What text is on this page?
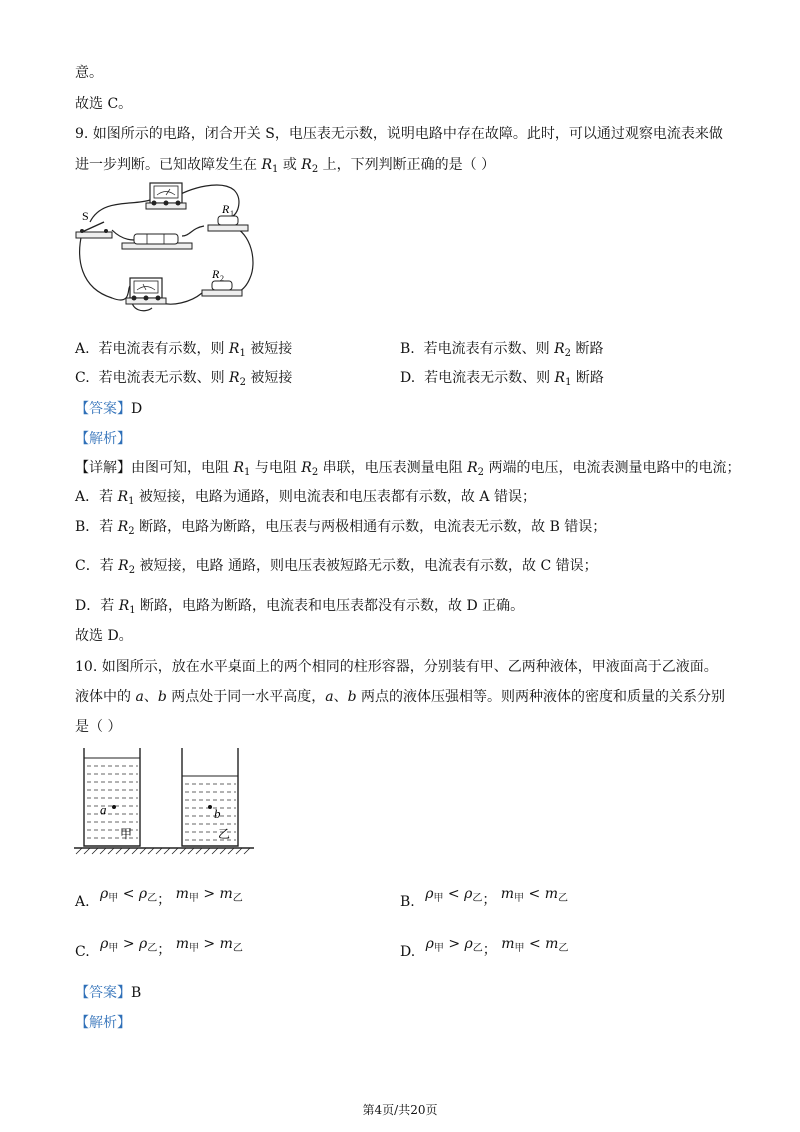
意。
故选 C。
9. 如图所示的电路，闭合开关 S，电压表无示数，说明电路中存在故障。此时，可以通过观察电流表来做
进一步判断。已知故障发生在 $R_1$ 或 $R_2$ 上，下列判断正确的是（ ）
S	R 1
R 2
A. 若电流表有示数，则 $R_1$ 被短接	B. 若电流表有示数、则 $R_2$ 断路
C. 若电流表无示数、则 $R_2$ 被短接	D. 若电流表无示数、则 $R_1$ 断路
【答案】D
【解析】
【详解】由图可知，电阻 $R_1$ 与电阻 $R_2$ 串联，电压表测量电阻 $R_2$ 两端的电压，电流表测量电路中的电流；
A．若 $R_1$ 被短接，电路为通路，则电流表和电压表都有示数，故 A 错误；
B．若 $R_2$ 断路，电路为断路，电压表与两极相通有示数，电流表无示数，故 B 错误；
C．若 $R_2$ 被短接，电路 通路，则电压表被短路无示数，电流表有示数，故 C 错误；
D．若 $R_1$ 断路，电路为断路，电流表和电压表都没有示数，故 D 正确。
故选 D。
10. 如图所示，放在水平桌面上的两个相同的柱形容器，分别装有甲、乙两种液体，甲液面高于乙液面。
液体中的 a、b 两点处于同一水平高度，a、b 两点的液体压强相等。则两种液体的密度和质量的关系分别
是（ ）
a
甲
b
乙
A. $\rho_甲 < \rho_乙$； $m_甲 > m_乙$	B. $\rho_甲 < \rho_乙$； $m_甲 < m_乙$
C. $\rho_甲 > \rho_乙$； $m_甲 > m_乙$	D. $\rho_甲 > \rho_乙$； $m_甲 < m_乙$
【答案】B
【解析】
第4页/共20页
